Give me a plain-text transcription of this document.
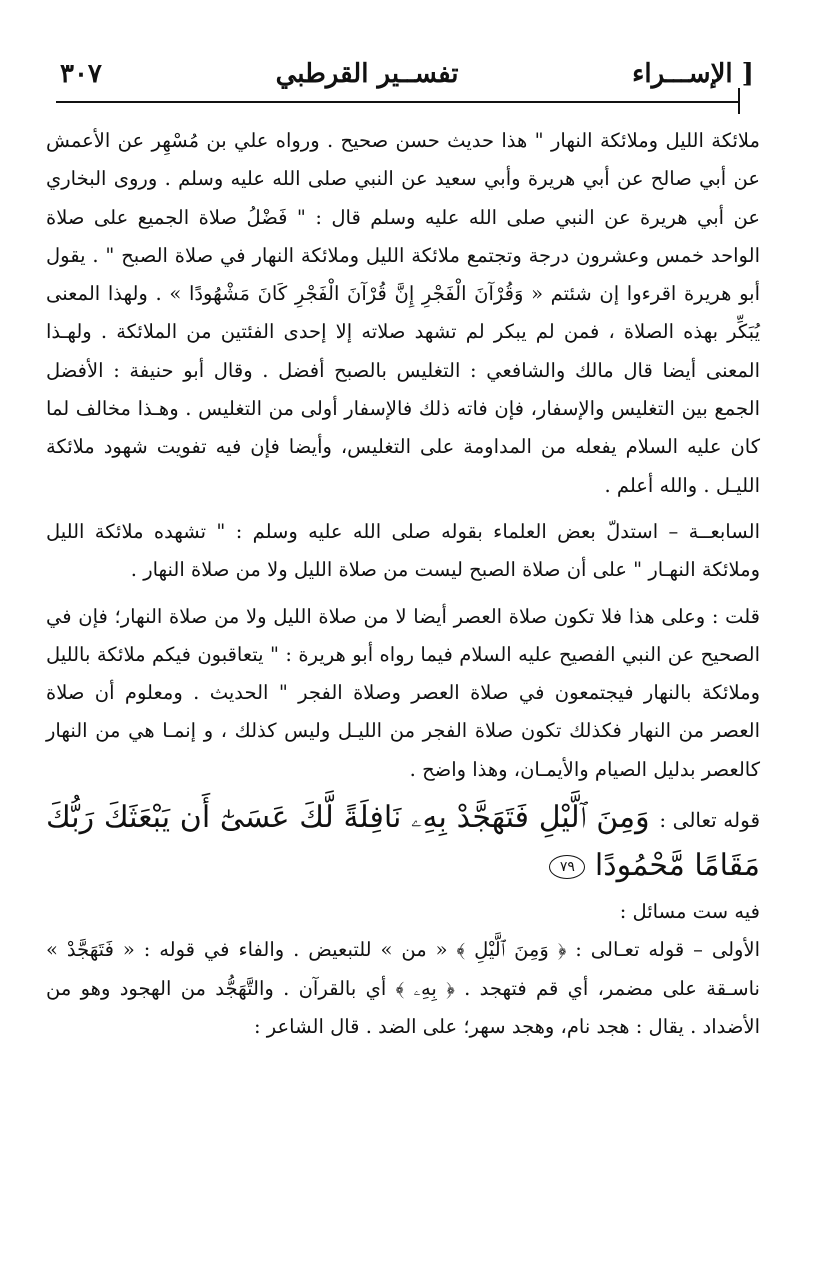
الإســـراء ]
تفســير القرطبي
٣٠٧

ملائكة الليل وملائكة النهار " هذا حديث حسن صحيح . ورواه علي بن مُسْهِر عن الأعمش عن أبي صالح عن أبي هريرة وأبي سعيد عن النبي صلى الله عليه وسلم . وروى البخاري عن أبي هريرة عن النبي صلى الله عليه وسلم قال : " فَضْلُ صلاة الجميع على صلاة الواحد خمس وعشرون درجة وتجتمع ملائكة الليل وملائكة النهار في صلاة الصبح " . يقول أبو هريرة اقرءوا إن شئتم « وَقُرْآنَ الْفَجْرِ إِنَّ قُرْآنَ الْفَجْرِ كَانَ مَشْهُودًا » . ولهذا المعنى يُبَكِّر بهذه الصلاة ، فمن لم يبكر لم تشهد صلاته إلا إحدى الفئتين من الملائكة . ولهـذا المعنى أيضا قال مالك والشافعي : التغليس بالصبح أفضل . وقال أبو حنيفة : الأفضل الجمع بين التغليس والإسفار، فإن فاته ذلك فالإسفار أولى من التغليس . وهـذا مخالف لما كان عليه السلام يفعله من المداومة على التغليس، وأيضا فإن فيه تفويت شهود ملائكة الليـل . والله أعلم .

السابعــة – استدلّ بعض العلماء بقوله صلى الله عليه وسلم : " تشهده ملائكة الليل وملائكة النهـار " على أن صلاة الصبح ليست من صلاة الليل ولا من صلاة النهار .

قلت : وعلى هذا فلا تكون صلاة العصر أيضا لا من صلاة الليل ولا من صلاة النهار؛ فإن في الصحيح عن النبي الفصيح عليه السلام فيما رواه أبو هريرة : " يتعاقبون فيكم ملائكة بالليل وملائكة بالنهار فيجتمعون في صلاة العصر وصلاة الفجر " الحديث . ومعلوم أن صلاة العصر من النهار فكذلك تكون صلاة الفجر من الليـل وليس كذلك ، و إنمـا هي من النهار كالعصر بدليل الصيام والأيمـان، وهذا واضح .

قوله تعالى : وَمِنَ ٱلَّيْلِ فَتَهَجَّدْ بِهِۦ نَافِلَةً لَّكَ عَسَىٰٓ أَن يَبْعَثَكَ رَبُّكَ مَقَامًا مَّحْمُودًا ٧٩

فيه ست مسائل :

الأولى – قوله تعـالى : ﴿ وَمِنَ ٱلَّيْلِ ﴾ « من » للتبعيض . والفاء في قوله : « فَتَهَجَّدْ » ناسـقة على مضمر، أي قم فتهجد . ﴿ بِهِۦ ﴾ أي بالقرآن . والتَّهَجُّد من الهجود وهو من الأضداد . يقال : هجد نام، وهجد سهر؛ على الضد . قال الشاعر :
